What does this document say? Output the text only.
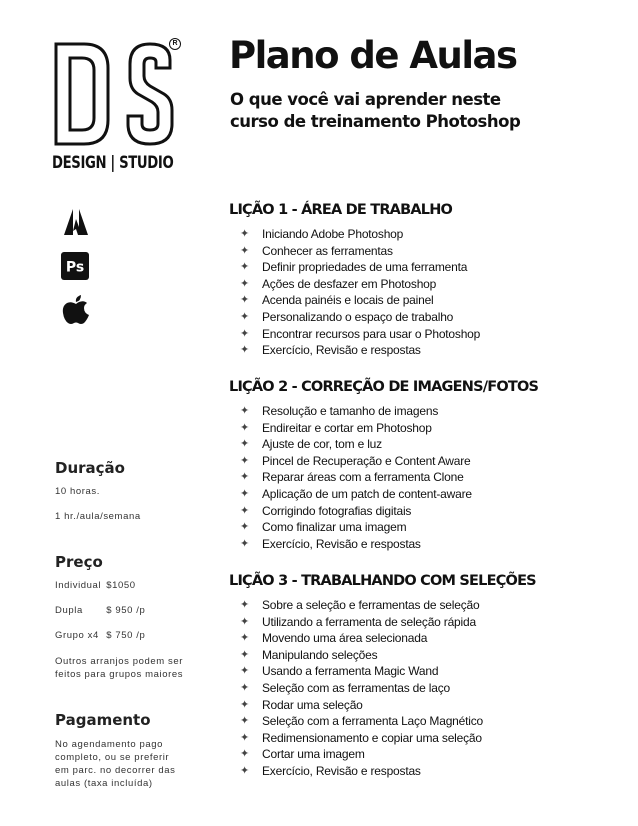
R
DESIGN | STUDIO
Ps
Duração
10 horas.
1 hr./aula/semana
Preço
Individual $1050
Dupla $ 950 /p
Grupo x4 $ 750 /p
Outros arranjos podem ser feitos para grupos maiores
Pagamento
No agendamento pago completo, ou se preferir em parc. no decorrer das aulas (taxa incluída)
Plano de Aulas

O que você vai aprender neste curso de treinamento Photoshop

LIÇÃO 1 - ÁREA DE TRABALHO
✦ Iniciando Adobe Photoshop
✦ Conhecer as ferramentas
✦ Definir propriedades de uma ferramenta
✦ Ações de desfazer em Photoshop
✦ Acenda painéis e locais de painel
✦ Personalizando o espaço de trabalho
✦ Encontrar recursos para usar o Photoshop
✦ Exercício, Revisão e respostas
LIÇÃO 2 - CORREÇÃO DE IMAGENS/FOTOS
✦ Resolução e tamanho de imagens
✦ Endireitar e cortar em Photoshop
✦ Ajuste de cor, tom e luz
✦ Pincel de Recuperação e Content Aware
✦ Reparar áreas com a ferramenta Clone
✦ Aplicação de um patch de content-aware
✦ Corrigindo fotografias digitais
✦ Como finalizar uma imagem
✦ Exercício, Revisão e respostas
LIÇÃO 3 - TRABALHANDO COM SELEÇÕES
✦ Sobre a seleção e ferramentas de seleção
✦ Utilizando a ferramenta de seleção rápida
✦ Movendo uma área selecionada
✦ Manipulando seleções
✦ Usando a ferramenta Magic Wand
✦ Seleção com as ferramentas de laço
✦ Rodar uma seleção
✦ Seleção com a ferramenta Laço Magnético
✦ Redimensionamento e copiar uma seleção
✦ Cortar uma imagem
✦ Exercício, Revisão e respostas
